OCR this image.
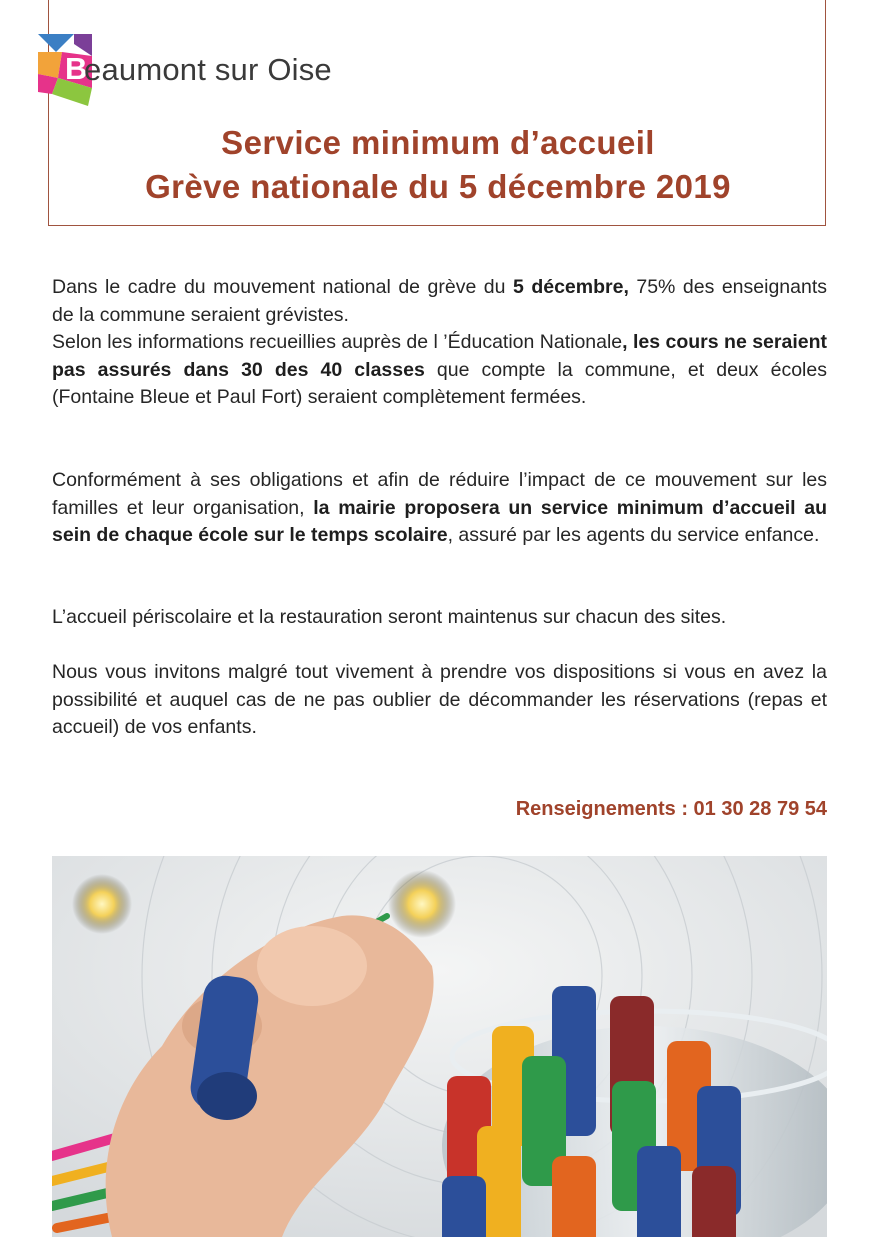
B
eaumont sur Oise
Service minimum d’accueil
Grève nationale du 5 décembre 2019
Dans le cadre du mouvement national de grève du 5 décembre, 75% des enseignants de la commune seraient grévistes.
Selon les informations recueillies auprès de l ’Éducation Nationale, les cours ne seraient pas assurés dans 30 des 40 classes que compte la commune, et deux écoles (Fontaine Bleue et Paul Fort) seraient complètement fermées.
Conformément à ses obligations et afin de réduire l’impact de ce mouvement sur les familles et leur organisation, la mairie proposera un service minimum d’accueil au sein de chaque école sur le temps scolaire, assuré par les agents du service enfance.
L’accueil périscolaire et la restauration seront maintenus sur chacun des sites.
Nous vous invitons malgré tout vivement à prendre vos dispositions si vous en avez la possibilité et auquel cas de ne pas oublier de décommander les réservations (repas et accueil) de vos enfants.
Renseignements : 01 30 28 79 54
